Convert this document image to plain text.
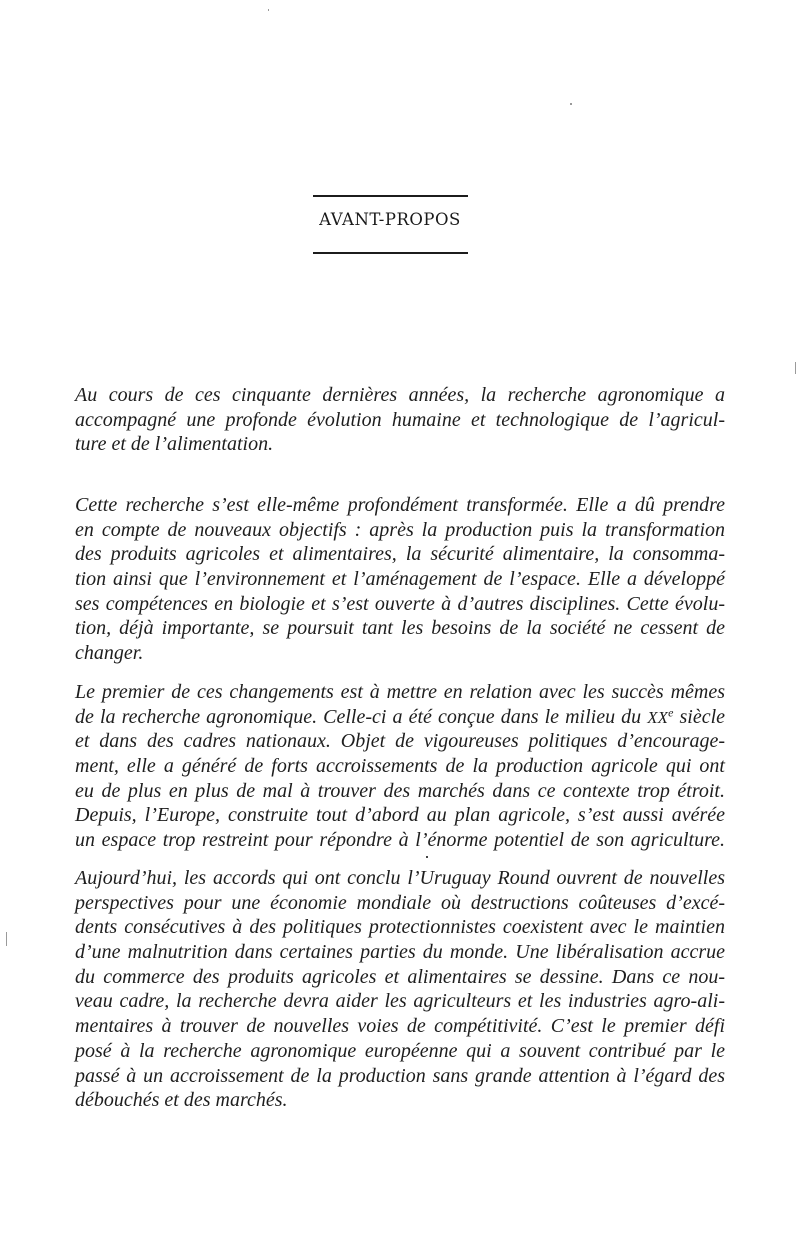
AVANT-PROPOS
Au cours de ces cinquante dernières années, la recherche agronomique a
accompagné une profonde évolution humaine et technologique de l’agricul-
ture et de l’alimentation.
Cette recherche s’est elle-même profondément transformée. Elle a dû prendre
en compte de nouveaux objectifs : après la production puis la transformation
des produits agricoles et alimentaires, la sécurité alimentaire, la consomma-
tion ainsi que l’environnement et l’aménagement de l’espace. Elle a développé
ses compétences en biologie et s’est ouverte à d’autres disciplines. Cette évolu-
tion, déjà importante, se poursuit tant les besoins de la société ne cessent de
changer.
Le premier de ces changements est à mettre en relation avec les succès mêmes
de la recherche agronomique. Celle-ci a été conçue dans le milieu du XXe siècle
et dans des cadres nationaux. Objet de vigoureuses politiques d’encourage-
ment, elle a généré de forts accroissements de la production agricole qui ont
eu de plus en plus de mal à trouver des marchés dans ce contexte trop étroit.
Depuis, l’Europe, construite tout d’abord au plan agricole, s’est aussi avérée
un espace trop restreint pour répondre à l’énorme potentiel de son agriculture.
Aujourd’hui, les accords qui ont conclu l’Uruguay Round ouvrent de nouvelles
perspectives pour une économie mondiale où destructions coûteuses d’excé-
dents consécutives à des politiques protectionnistes coexistent avec le maintien
d’une malnutrition dans certaines parties du monde. Une libéralisation accrue
du commerce des produits agricoles et alimentaires se dessine. Dans ce nou-
veau cadre, la recherche devra aider les agriculteurs et les industries agro-ali-
mentaires à trouver de nouvelles voies de compétitivité. C’est le premier défi
posé à la recherche agronomique européenne qui a souvent contribué par le
passé à un accroissement de la production sans grande attention à l’égard des
débouchés et des marchés.
